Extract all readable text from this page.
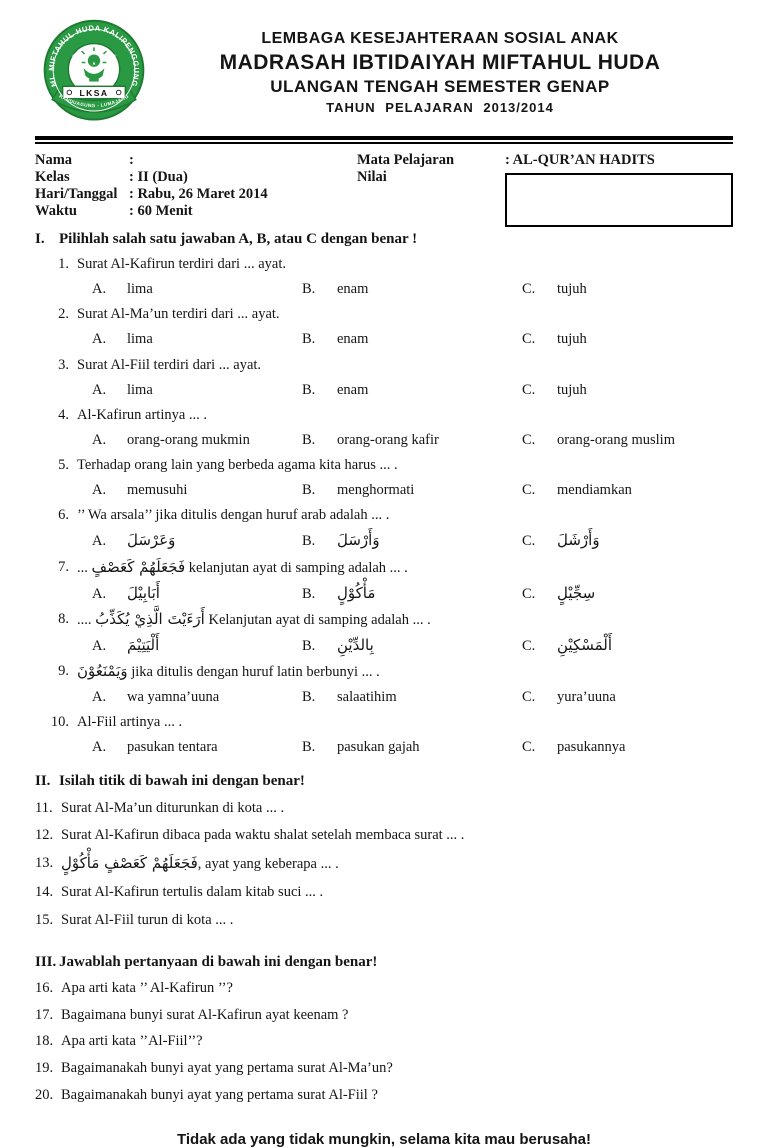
▲
✳	✳
MI. MIFTAHUL HUDA KALIPENGGUNG
LKSA
RANDUAGUNG - LUMAJANG
LEMBAGA KESEJAHTERAAN SOSIAL ANAK
MADRASAH IBTIDAIYAH MIFTAHUL HUDA
ULANGAN TENGAH SEMESTER GENAP
TAHUN PELAJARAN 2013/2014
Nama	:
Kelas	: II (Dua)
Hari/Tanggal : Rabu, 26 Maret 2014
Waktu	: 60 Menit
Mata Pelajaran	: AL-QUR’AN HADITS
Nilai
I. Pilihlah salah satu jawaban A, B, atau C dengan benar !
1. Surat Al-Kafirun terdiri dari ... ayat.
A.	lima	B.	enam	C.	tujuh
2. Surat Al-Ma’un terdiri dari ... ayat.
A.	lima	B.	enam	C.	tujuh
3. Surat Al-Fiil terdiri dari ... ayat.
A.	lima	B.	enam	C.	tujuh
4. Al-Kafirun artinya ... .
A.	orang-orang mukmin	B.	orang-orang kafir	C.	orang-orang muslim
5. Terhadap orang lain yang berbeda agama kita harus ... .
A.	memusuhi	B.	menghormati	C.	mendiamkan
6. ’’ Wa arsala’’ jika ditulis dengan huruf arab adalah ... .
A.	وَعَرْسَلَ	B.	وَأَرْسَلَ	C.	وَأَرْشَلَ
7. ... فَجَعَلَهُمْ كَعَصْفٍ kelanjutan ayat di samping adalah ... .
A.	أَبَابِيْلَ	B.	مَأْكُوْلٍ	C.	سِجِّيْلٍ
8. .... أَرَءَيْتَ الَّذِيْ يُكَذِّبُ Kelanjutan ayat di samping adalah ... .
A.	أَلْيَتِيْمَ	B.	بِالدِّيْنِ	C.	أَلْمَسْكِيْنِ
9. وَيَمْنَعُوْنَ jika ditulis dengan huruf latin berbunyi ... .
A.	wa yamna’uuna	B.	salaatihim	C.	yura’uuna
10. Al-Fiil artinya ... .
A.	pasukan tentara	B.	pasukan gajah	C.	pasukannya
II. Isilah titik di bawah ini dengan benar!
11. Surat Al-Ma’un diturunkan di kota ... .
12. Surat Al-Kafirun dibaca pada waktu shalat setelah membaca surat ... .
13. فَجَعَلَهُمْ كَعَصْفٍ مَأْكُوْلٍ, ayat yang keberapa ... .
14. Surat Al-Kafirun tertulis dalam kitab suci ... .
15. Surat Al-Fiil turun di kota ... .
III. Jawablah pertanyaan di bawah ini dengan benar!
16. Apa arti kata ’’ Al-Kafirun ’’?
17. Bagaimana bunyi surat Al-Kafirun ayat keenam ?
18. Apa arti kata ’’Al-Fiil’’?
19. Bagaimanakah bunyi ayat yang pertama surat Al-Ma’un?
20. Bagaimanakah bunyi ayat yang pertama surat Al-Fiil ?
Tidak ada yang tidak mungkin, selama kita mau berusaha!
